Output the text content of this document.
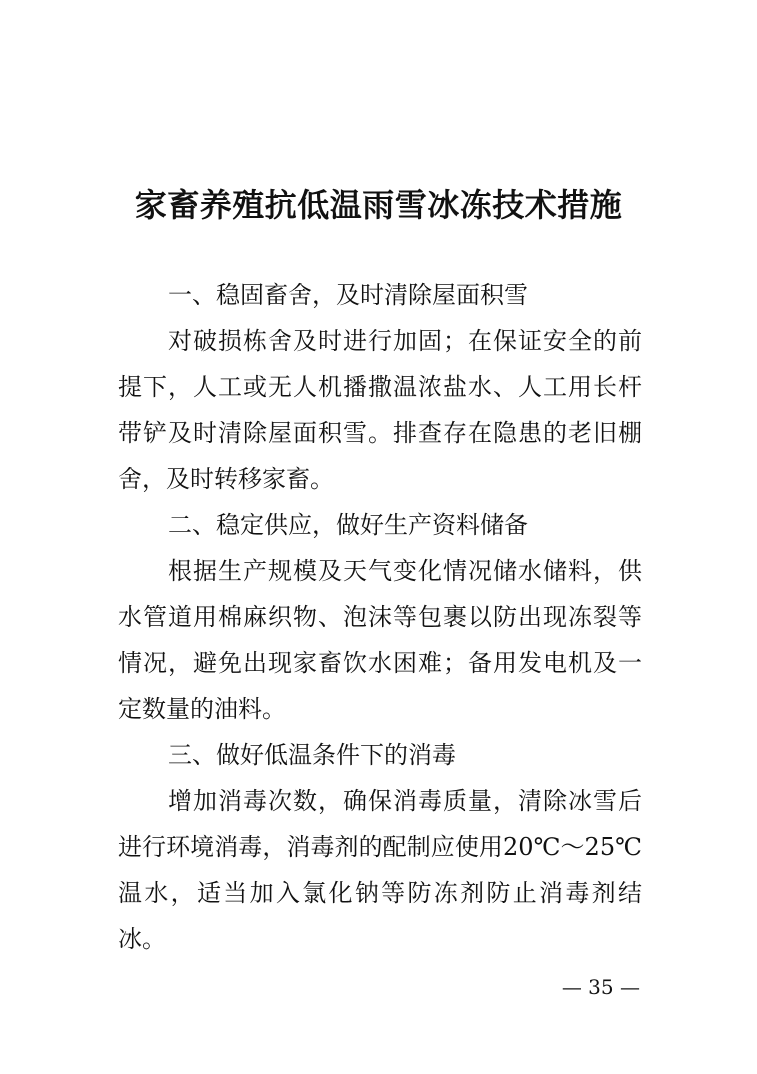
家畜养殖抗低温雨雪冰冻技术措施
一、稳固畜舍，及时清除屋面积雪

对破损栋舍及时进行加固；在保证安全的前提下，人工或无人机播撒温浓盐水、人工用长杆带铲及时清除屋面积雪。排查存在隐患的老旧棚舍，及时转移家畜。

二、稳定供应，做好生产资料储备

根据生产规模及天气变化情况储水储料，供水管道用棉麻织物、泡沫等包裹以防出现冻裂等情况，避免出现家畜饮水困难；备用发电机及一定数量的油料。

三、做好低温条件下的消毒

增加消毒次数，确保消毒质量，清除冰雪后进行环境消毒，消毒剂的配制应使用20℃～25℃温水，适当加入氯化钠等防冻剂防止消毒剂结冰。

— 35 —
